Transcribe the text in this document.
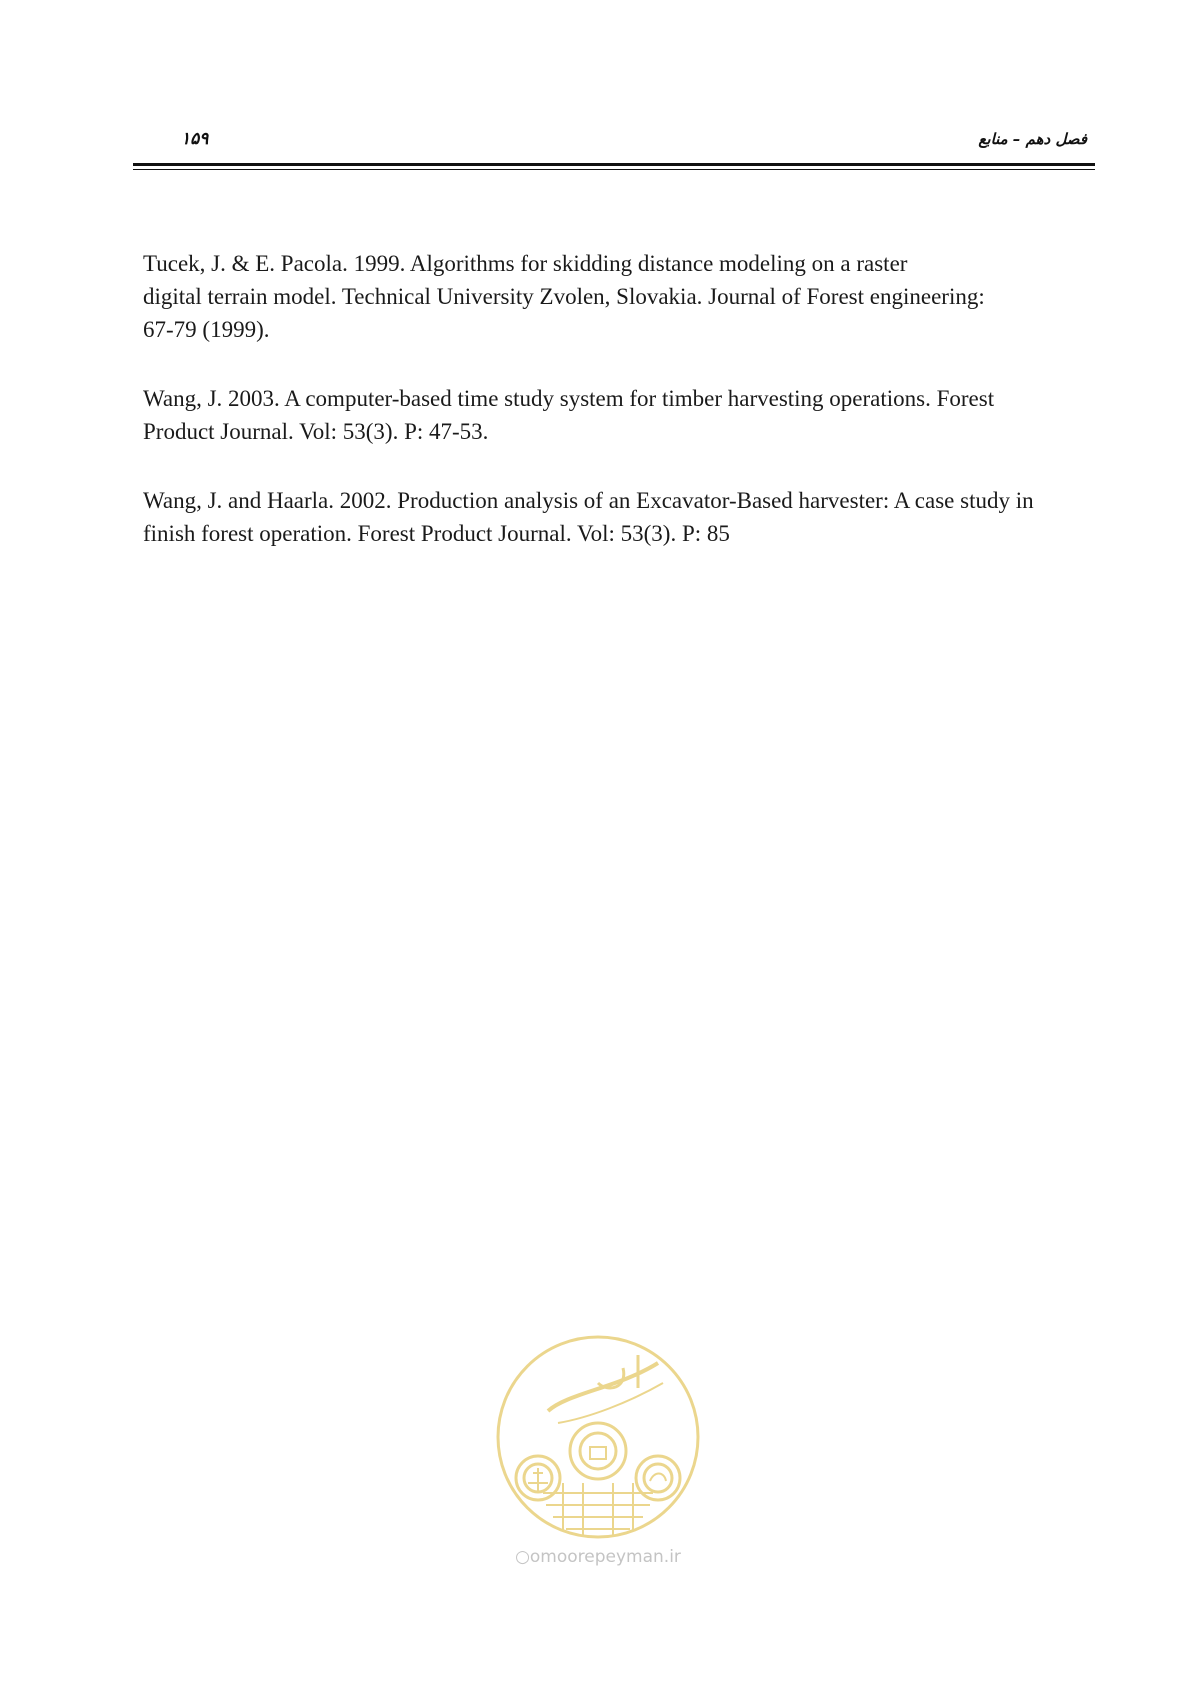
فصل دهم – منابع
۱۵۹

Tucek, J. & E. Pacola. 1999. Algorithms for skidding distance modeling on a raster
digital terrain model. Technical University Zvolen, Slovakia. Journal of Forest engineering:
67-79 (1999).

Wang, J. 2003. A computer-based time study system for timber harvesting operations. Forest
Product Journal. Vol: 53(3). P: 47-53.

Wang, J. and Haarla. 2002. Production analysis of an Excavator-Based harvester: A case study in
finish forest operation. Forest Product Journal. Vol: 53(3). P: 85

○omoorepeyman.ir
